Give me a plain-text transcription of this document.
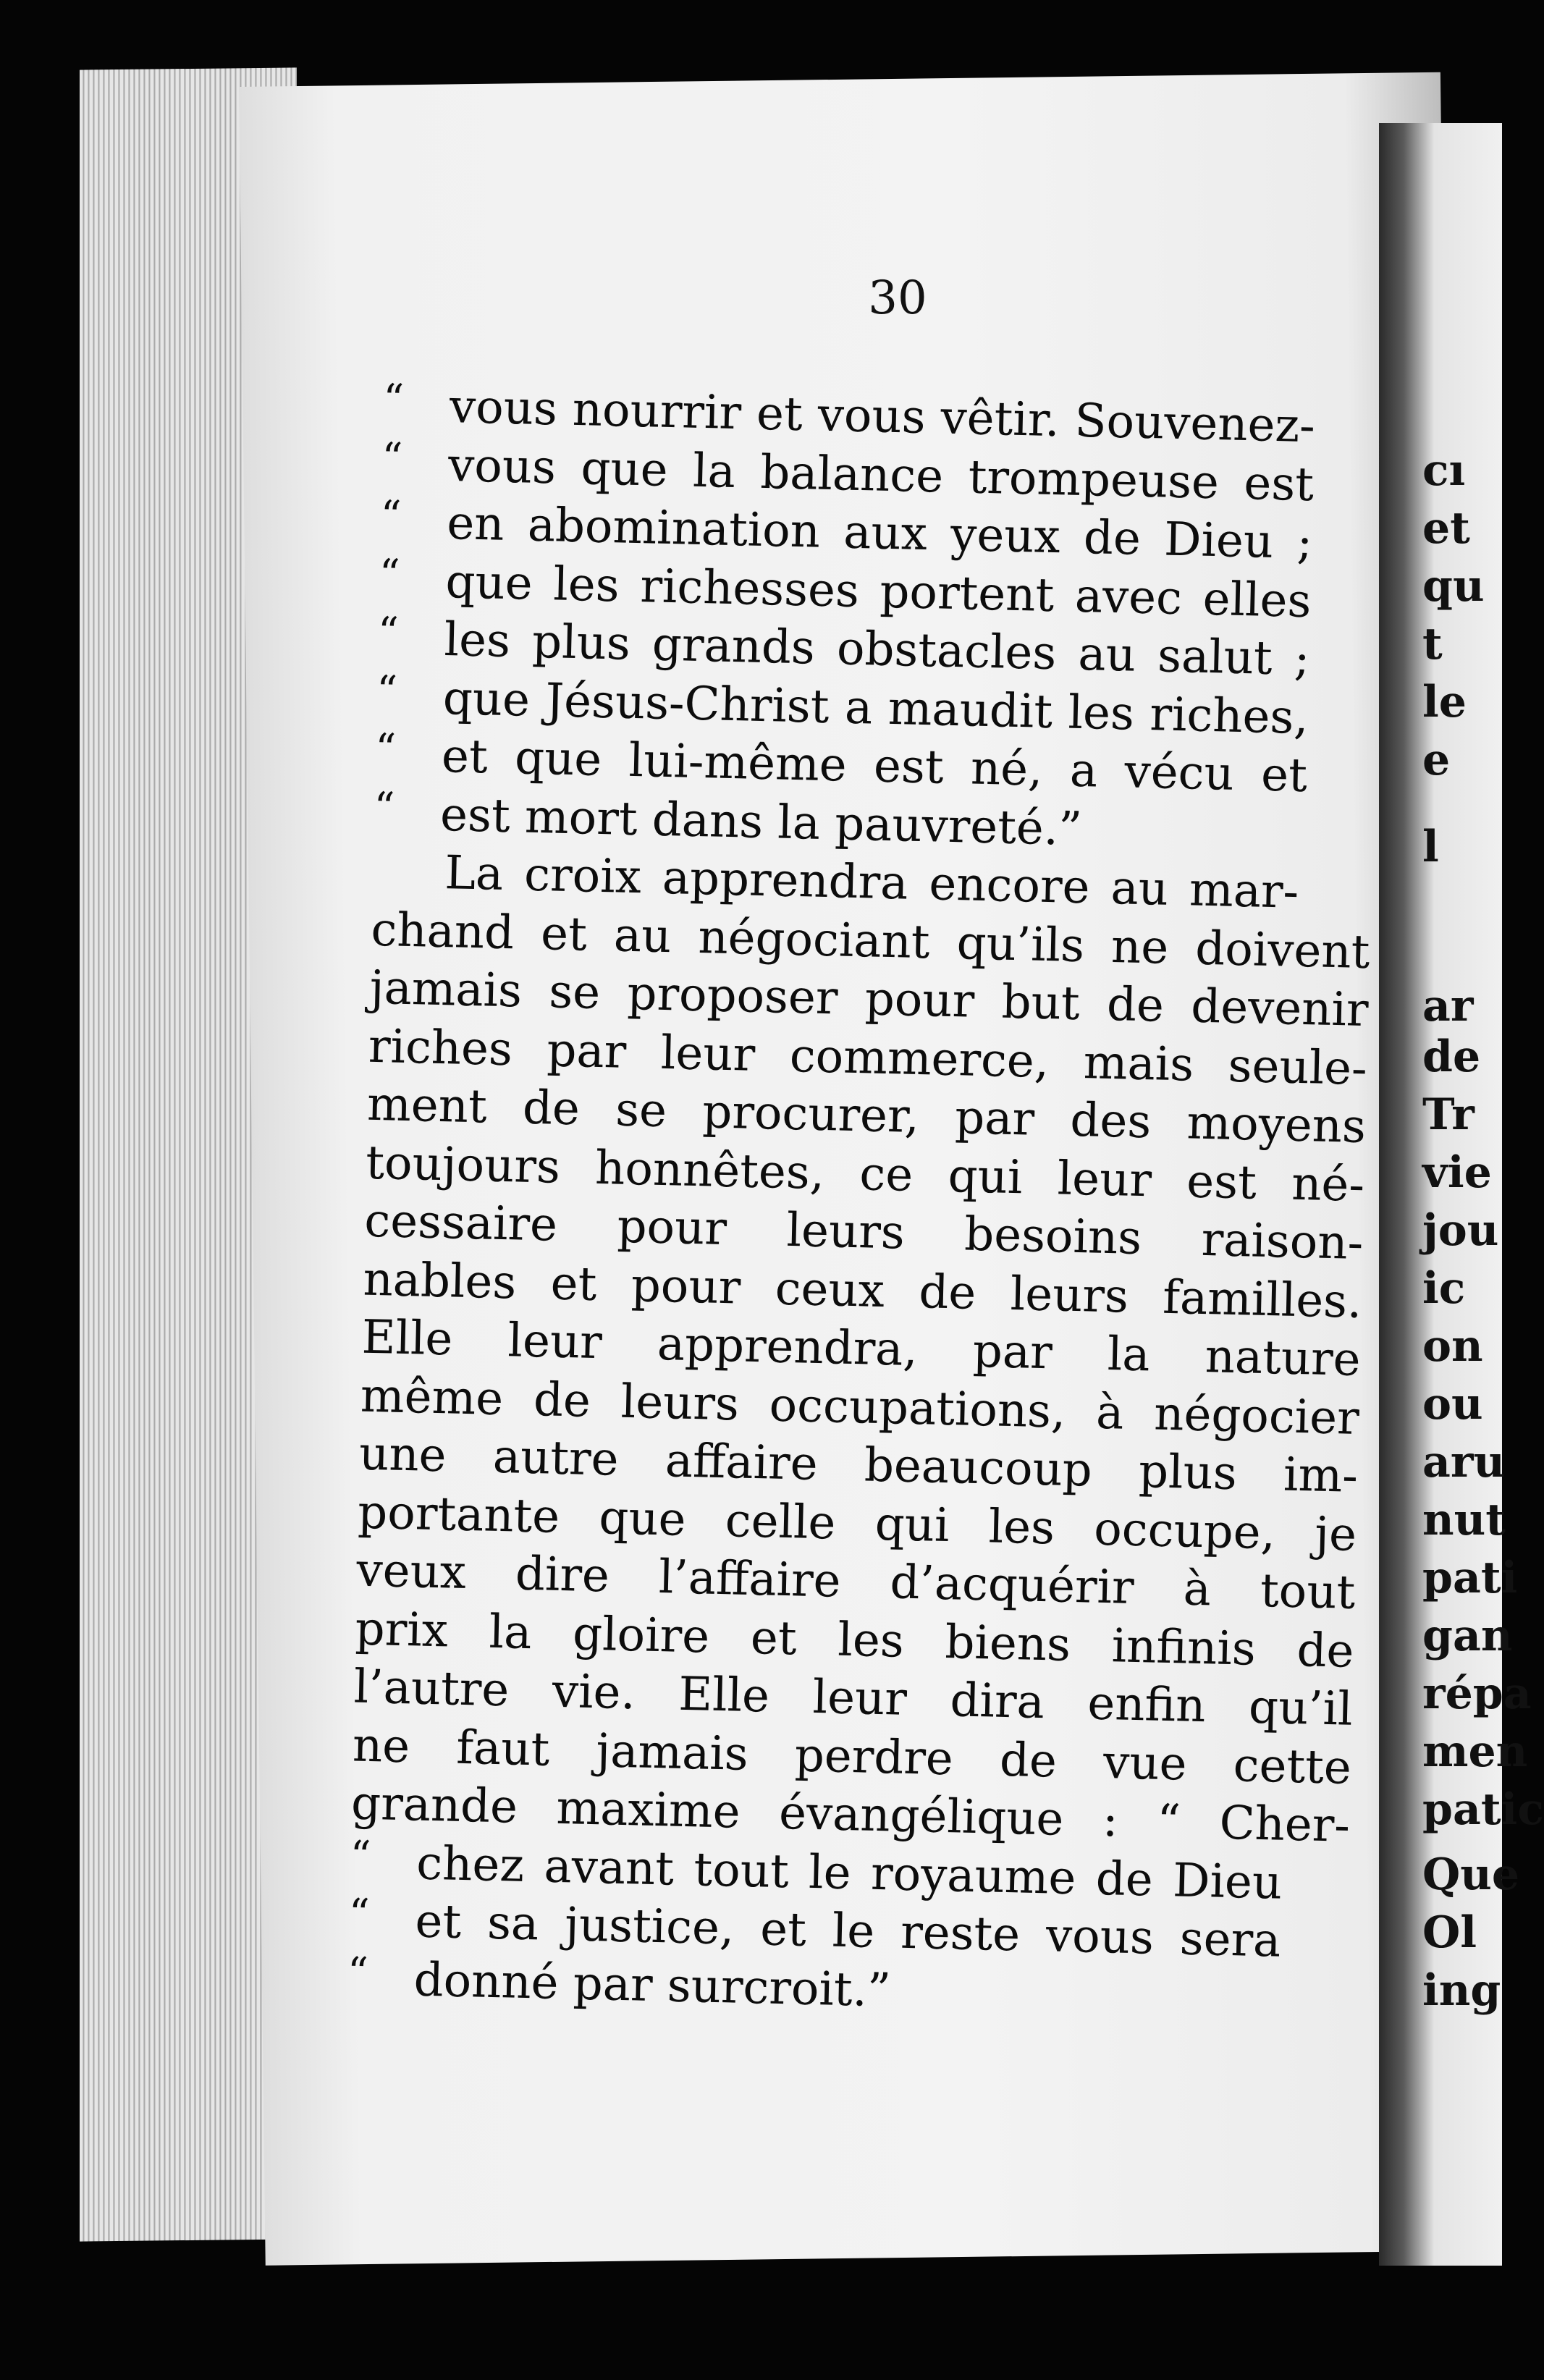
cı
et
qu
t
le
e
l
ar
de
Tr
vie
jou
ic
on
ou
aru
nut
pati
gan
répa
men
patic
Que
Ol
ing
30
“ vous nourrir et vous vêtir. Souvenez-
“ vous que la balance trompeuse est
“ en abomination aux yeux de Dieu ;
“ que les richesses portent avec elles
“ les plus grands obstacles au salut ;
“ que Jésus-Christ a maudit les riches,
“ et que lui-même est né, a vécu et
“ est mort dans la pauvreté.”
La croix apprendra encore au mar-
chand et au négociant qu’ils ne doivent
jamais se proposer pour but de devenir
riches par leur commerce, mais seule-
ment de se procurer, par des moyens
toujours honnêtes, ce qui leur est né-
cessaire pour leurs besoins raison-
nables et pour ceux de leurs familles.
Elle leur apprendra, par la nature
même de leurs occupations, à négocier
une autre affaire beaucoup plus im-
portante que celle qui les occupe, je
veux dire l’affaire d’acquérir à tout
prix la gloire et les biens infinis de
l’autre vie. Elle leur dira enfin qu’il
ne faut jamais perdre de vue cette
grande maxime évangélique : “ Cher-
“ chez avant tout le royaume de Dieu
“ et sa justice, et le reste vous sera
“ donné par surcroit.”
